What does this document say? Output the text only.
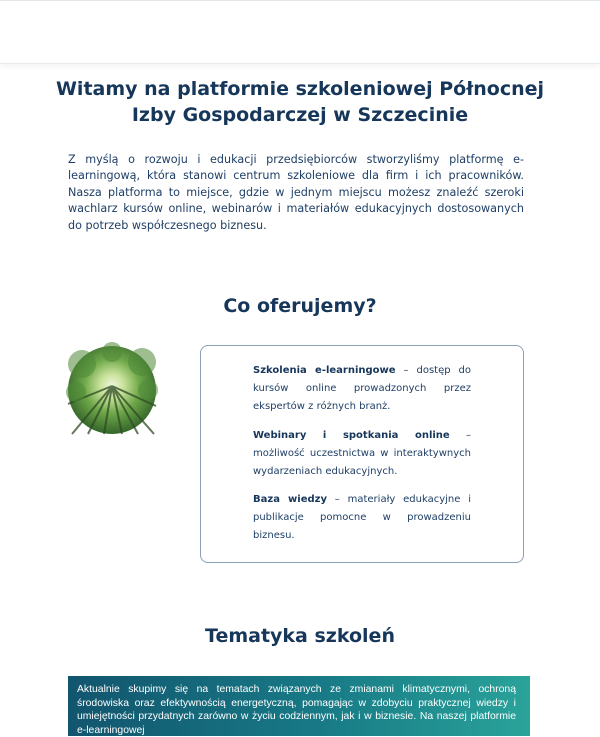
Witamy na platformie szkoleniowej Północnej Izby Gospodarczej w Szczecinie

Z myślą o rozwoju i edukacji przedsiębiorców stworzyliśmy platformę e-learningową, która stanowi centrum szkoleniowe dla firm i ich pracowników. Nasza platforma to miejsce, gdzie w jednym miejscu możesz znaleźć szeroki wachlarz kursów online, webinarów i materiałów edukacyjnych dostosowanych do potrzeb współczesnego biznesu.

Co oferujemy?

Szkolenia e-learningowe – dostęp do kursów online prowadzonych przez ekspertów z różnych branż.

Webinary i spotkania online – możliwość uczestnictwa w interaktywnych wydarzeniach edukacyjnych.

Baza wiedzy – materiały edukacyjne i publikacje pomocne w prowadzeniu biznesu.

Tematyka szkoleń

Aktualnie skupimy się na tematach związanych ze zmianami klimatycznymi, ochroną środowiska oraz efektywnością energetyczną, pomagając w zdobyciu praktycznej wiedzy i umiejętności przydatnych zarówno w życiu codziennym, jak i w biznesie. Na naszej platformie e-learningowej
